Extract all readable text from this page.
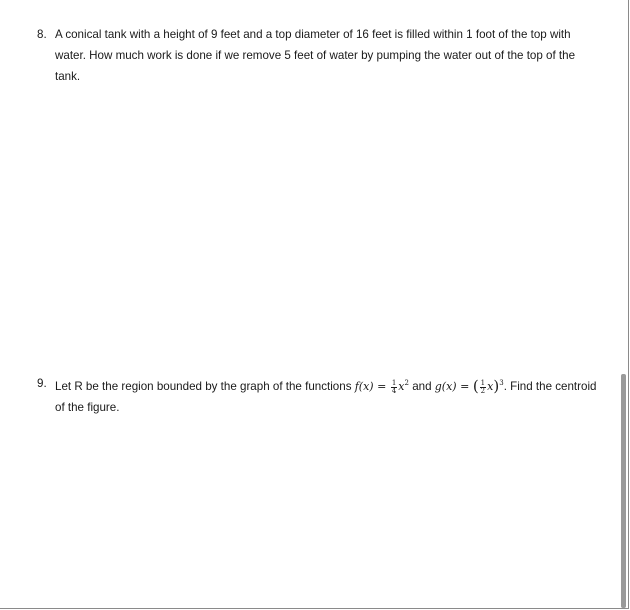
8. A conical tank with a height of 9 feet and a top diameter of 16 feet is filled within 1 foot of the top with water. How much work is done if we remove 5 feet of water by pumping the water out of the top of the tank.
9. Let R be the region bounded by the graph of the functions $f(x) = \frac{1}{4} x^2$ and g(x) = ( $\frac{1}{2} x)^3$. Find the centroid of the figure.
